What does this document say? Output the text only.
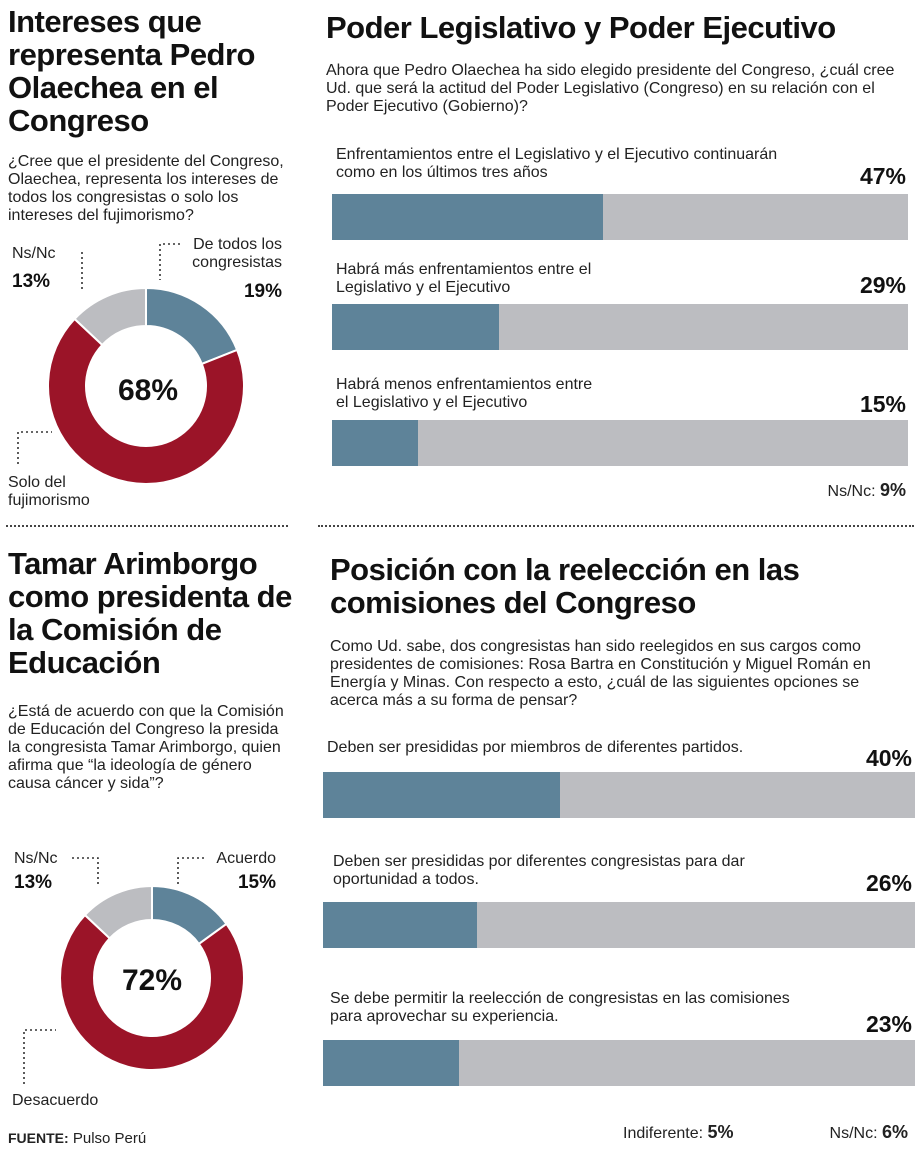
Intereses que representa Pedro Olaechea en el Congreso
¿Cree que el presidente del Congreso, Olaechea, representa los intereses de todos los congresistas o solo los intereses del fujimorismo?
68%
Ns/Nc
13%
De todos los
congresistas
19%
Solo del
fujimorismo
Poder Legislativo y Poder Ejecutivo
Ahora que Pedro Olaechea ha sido elegido presidente del Congreso, ¿cuál cree Ud. que será la actitud del Poder Legislativo (Congreso) en su relación con el Poder Ejecutivo (Gobierno)?
Enfrentamientos entre el Legislativo y el Ejecutivo continuarán
como en los últimos tres años	47%
Habrá más enfrentamientos entre el
Legislativo y el Ejecutivo	29%
Habrá menos enfrentamientos entre
el Legislativo y el Ejecutivo	15%
Ns/Nc: 9%
Tamar Arimborgo como presidenta de la Comisión de Educación
¿Está de acuerdo con que la Comisión de Educación del Congreso la presida la congresista Tamar Arimborgo, quien afirma que “la ideología de género causa cáncer y sida”?
72%
Ns/Nc
13%
Acuerdo
15%
Desacuerdo
FUENTE: Pulso Perú
Posición con la reelección en las comisiones del Congreso
Como Ud. sabe, dos congresistas han sido reelegidos en sus cargos como presidentes de comisiones: Rosa Bartra en Constitución y Miguel Román en Energía y Minas. Con respecto a esto, ¿cuál de las siguientes opciones se acerca más a su forma de pensar?
Deben ser presididas por miembros de diferentes partidos.	40%
Deben ser presididas por diferentes congresistas para dar
oportunidad a todos.	26%
Se debe permitir la reelección de congresistas en las comisiones
para aprovechar su experiencia.	23%
Indiferente: 5%	Ns/Nc: 6%
